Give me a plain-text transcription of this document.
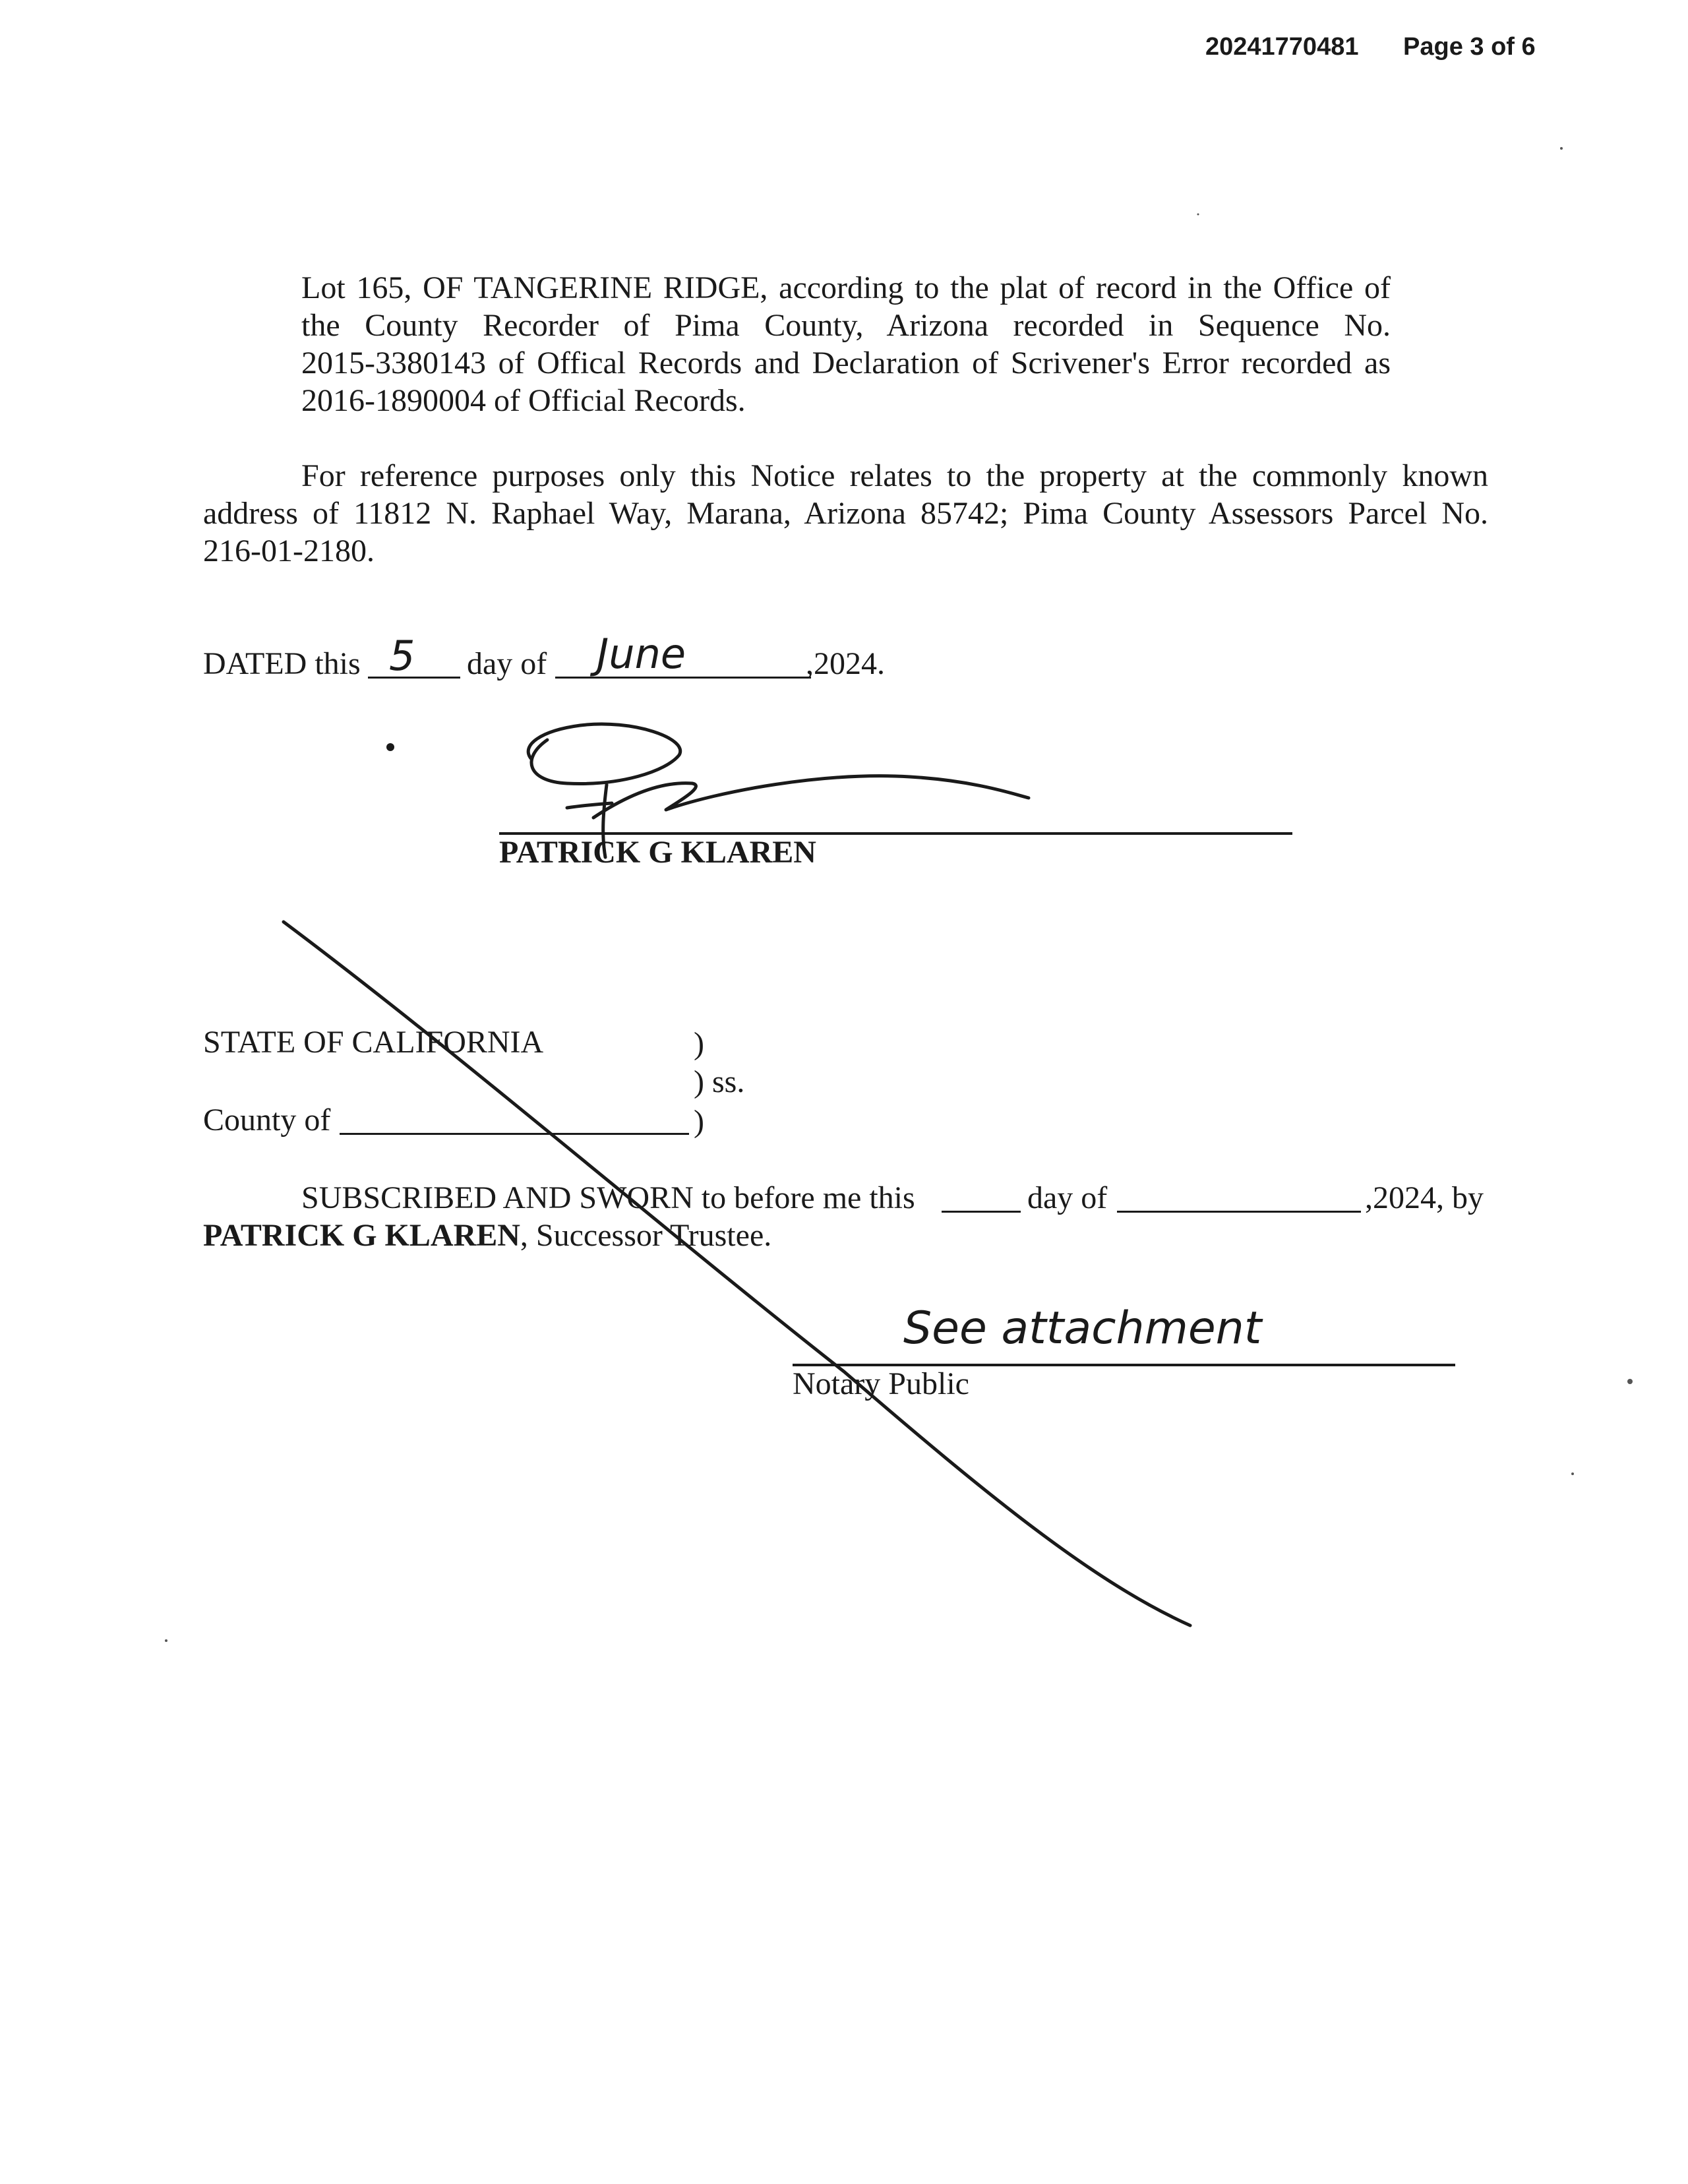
20241770481 Page 3 of 6
Lot 165, OF TANGERINE RIDGE, according to the plat of record in the Office of
the County Recorder of Pima County, Arizona recorded in Sequence No.
2015-3380143 of Offical Records and Declaration of Scrivener's Error recorded as
2016-1890004 of Official Records.
For reference purposes only this Notice relates to the property at the commonly known
address of 11812 N. Raphael Way, Marana, Arizona 85742; Pima County Assessors Parcel No.
216-01-2180.
DATED this 5 day of June	,2024.
PATRICK G KLAREN
STATE OF CALIFORNIA	)
) ss.
County of	)
SUBSCRIBED AND SWORN to before me this	day of	,2024, by
PATRICK G KLAREN, Successor Trustee.
See attachment
Notary Public
